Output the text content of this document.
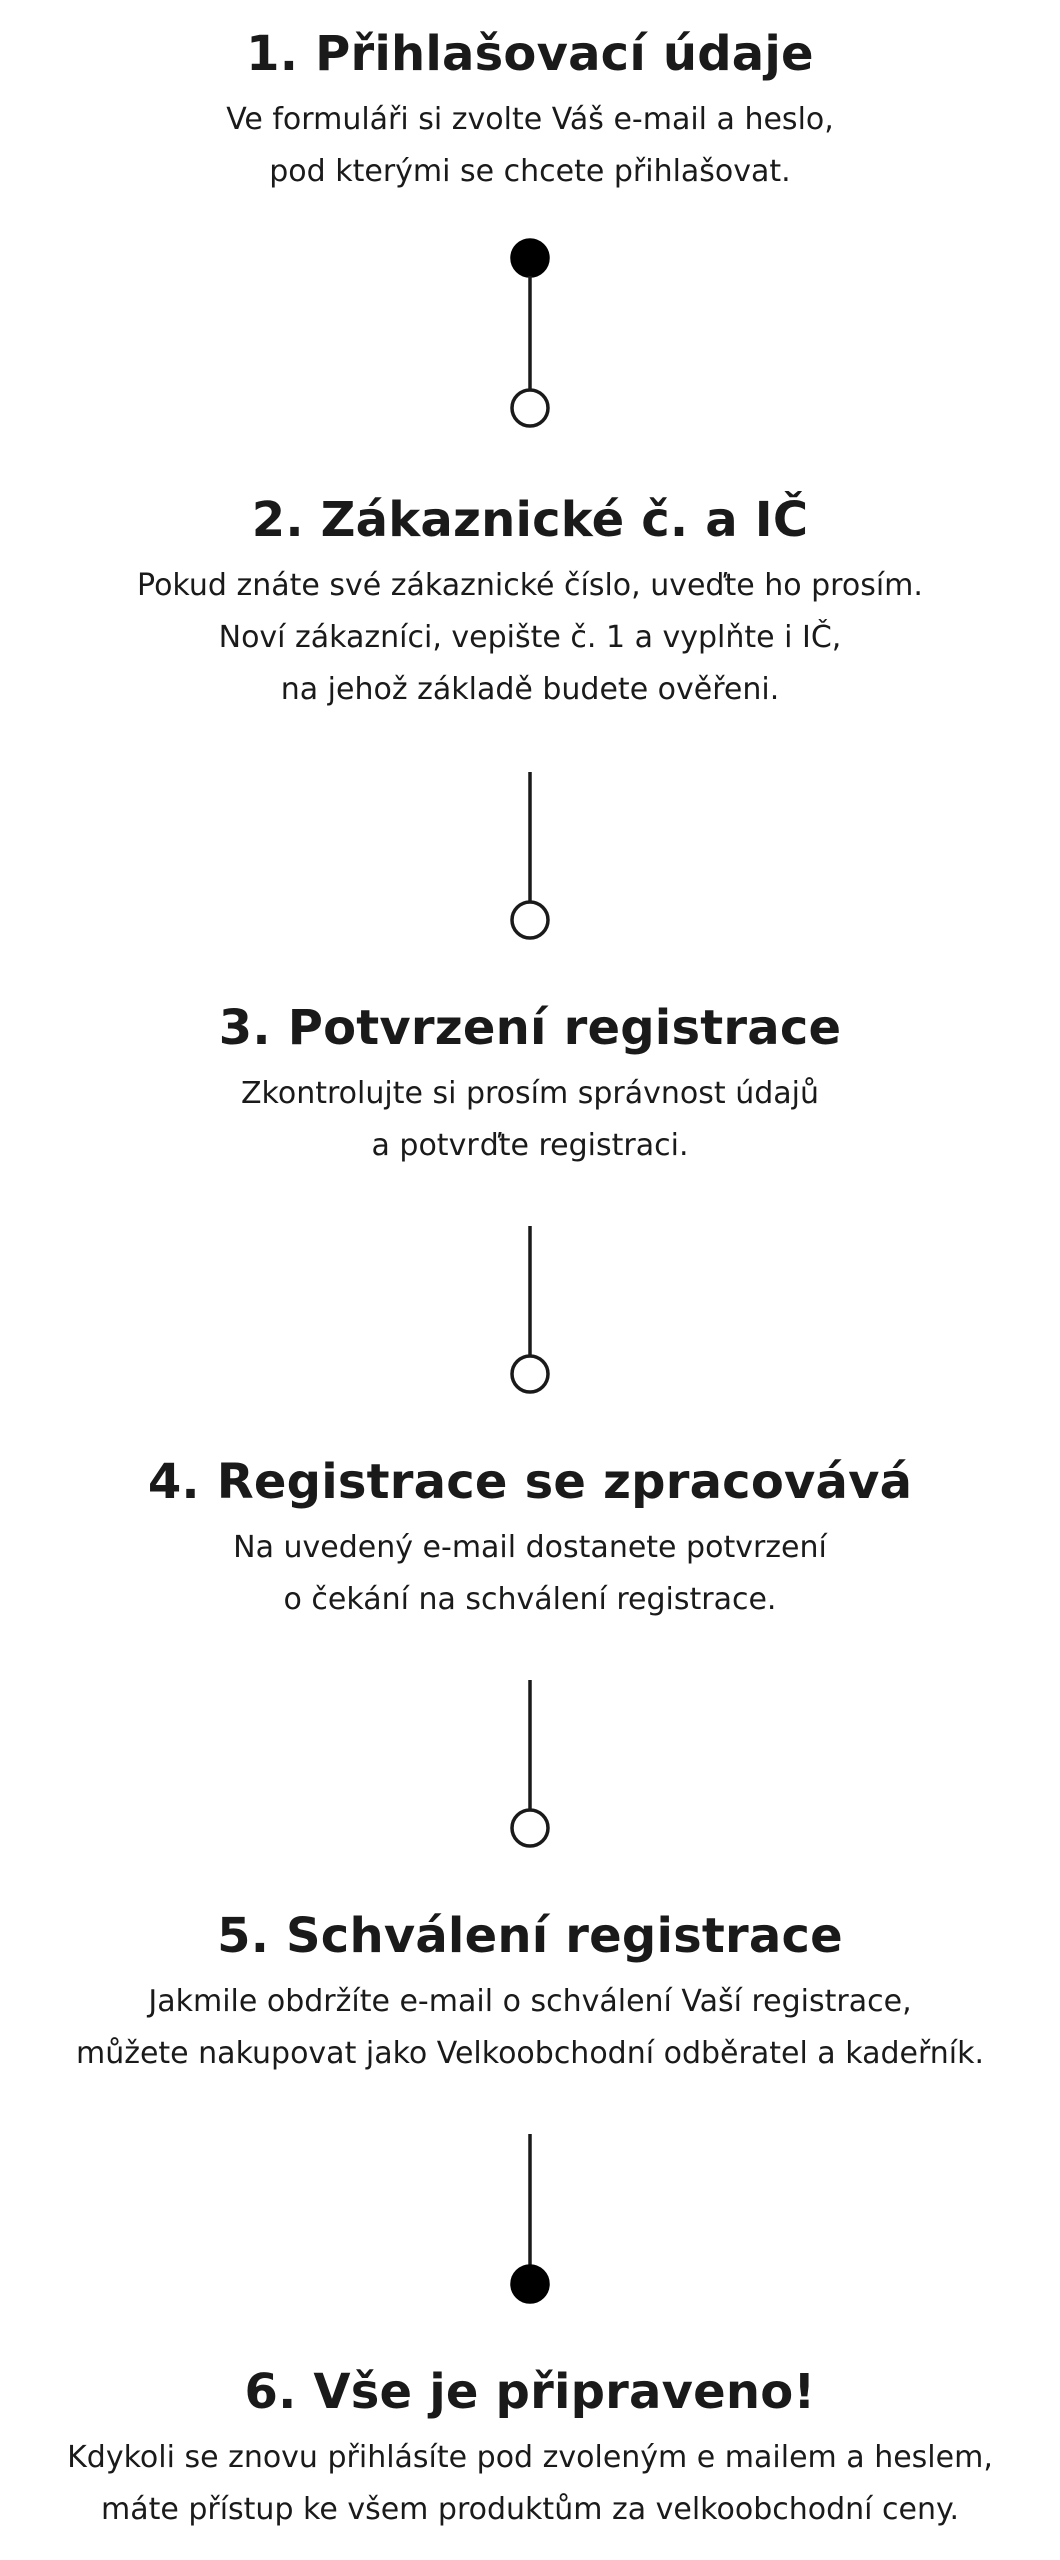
1. Přihlašovací údaje

Ve formuláři si zvolte Váš e-mail a heslo,
pod kterými se chcete přihlašovat.

2. Zákaznické č. a IČ

Pokud znáte své zákaznické číslo, uveďte ho prosím.
Noví zákazníci, vepište č. 1 a vyplňte i IČ,
na jehož základě budete ověřeni.

3. Potvrzení registrace

Zkontrolujte si prosím správnost údajů
a potvrďte registraci.

4. Registrace se zpracovává

Na uvedený e-mail dostanete potvrzení
o čekání na schválení registrace.

5. Schválení registrace

Jakmile obdržíte e-mail o schválení Vaší registrace,
můžete nakupovat jako Velkoobchodní odběratel a kadeřník.

6. Vše je připraveno!

Kdykoli se znovu přihlásíte pod zvoleným e mailem a heslem,
máte přístup ke všem produktům za velkoobchodní ceny.
